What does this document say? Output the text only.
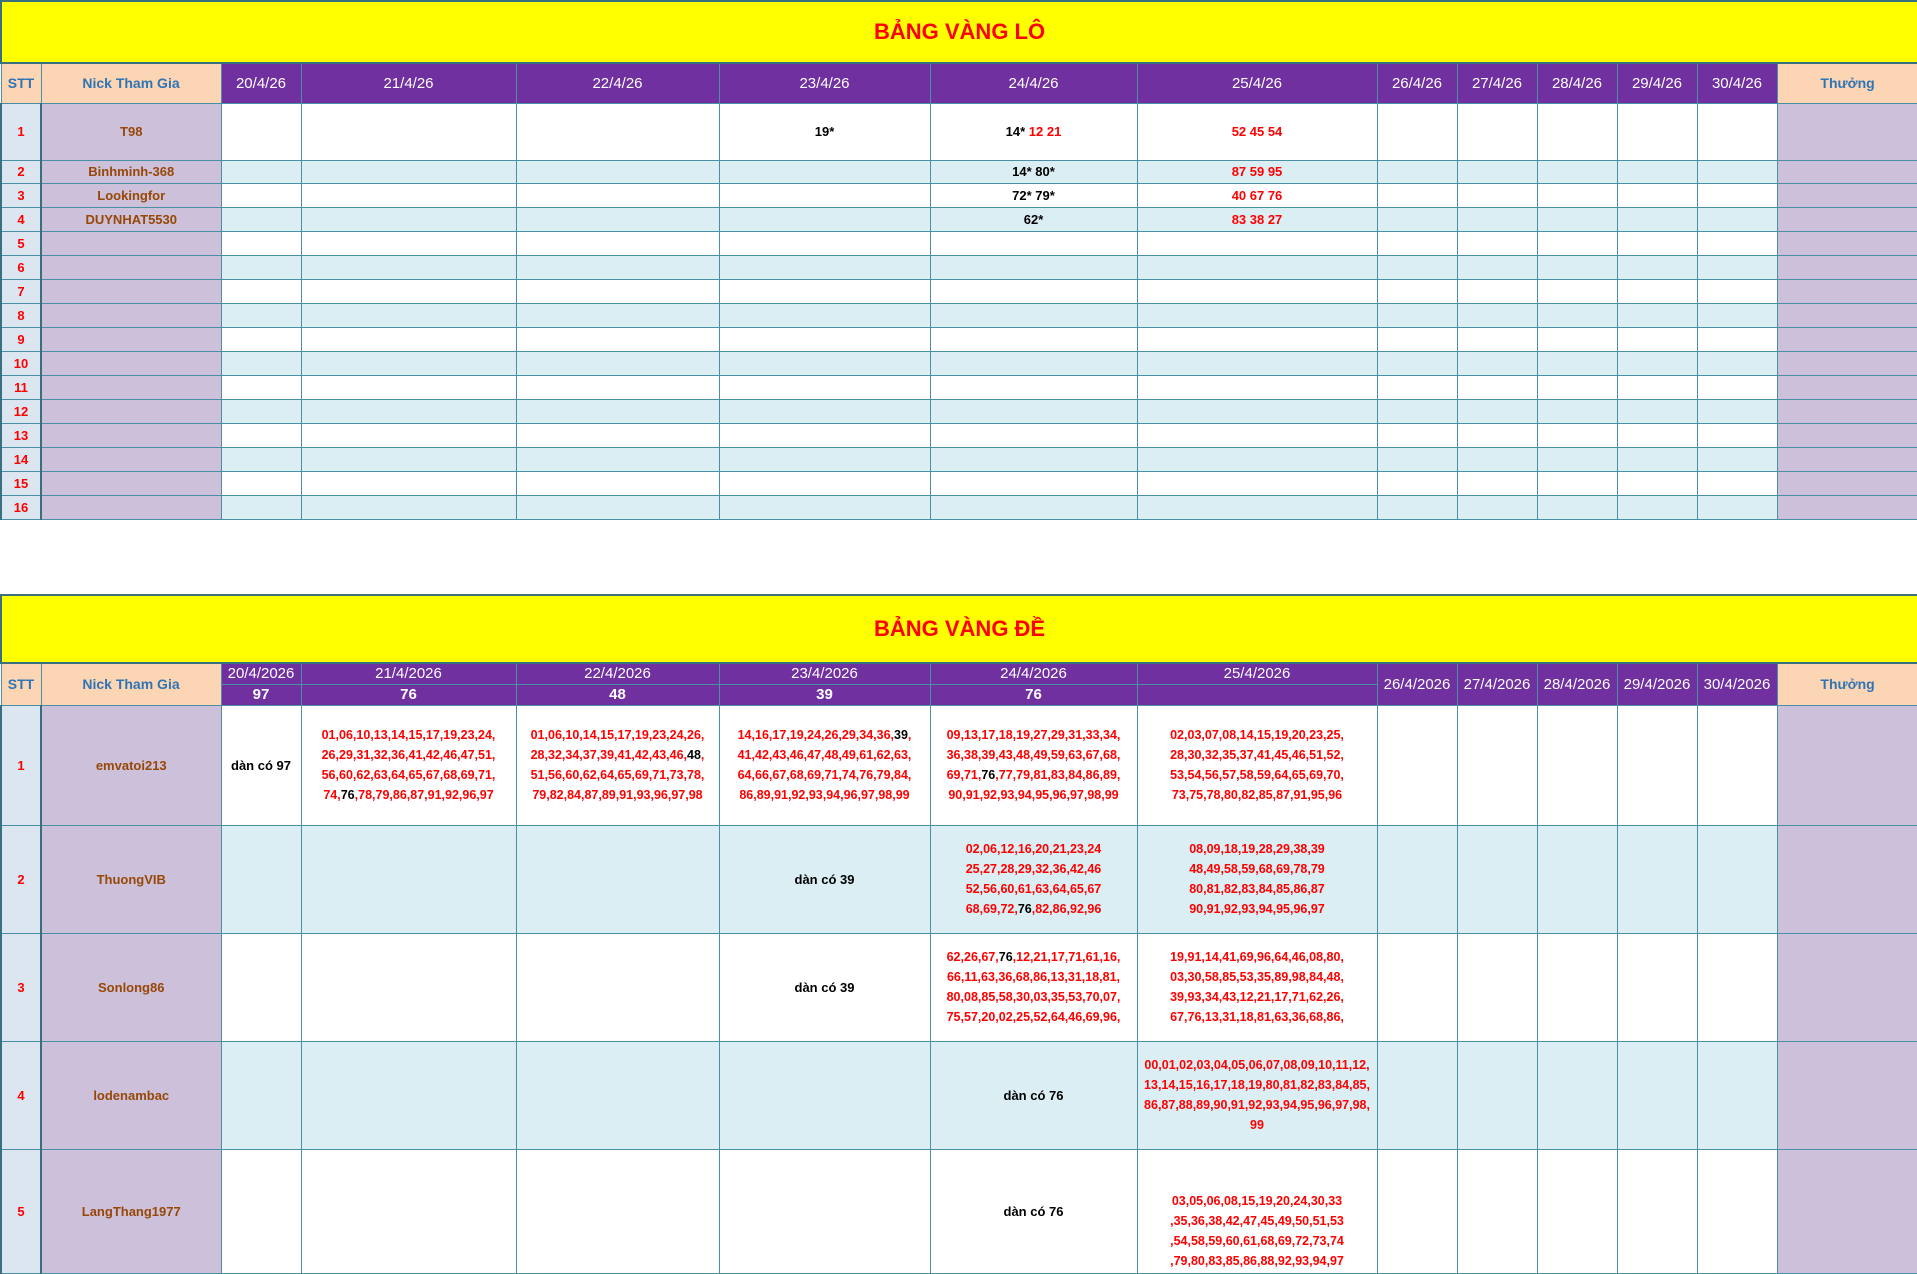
BẢNG VÀNG LÔ													
STT	Nick Tham Gia	20/4/26	21/4/26	22/4/26	23/4/26	24/4/26	25/4/26	26/4/26	27/4/26	28/4/26	29/4/26	30/4/26	Thưởng
1	T98				19*	14* 12 21	52 45 54						
2	Binhminh-368					14* 80*	87 59 95						
3	Lookingfor					72* 79*	40 67 76						
4	DUYNHAT5530					62*	83 38 27						
5													
6													
7													
8													
9													
10													
11													
12													
13													
14													
15													
16													
BẢNG VÀNG ĐỀ													
STT	Nick Tham Gia	20/4/2026	21/4/2026	22/4/2026	23/4/2026	24/4/2026	25/4/2026	26/4/2026	27/4/2026	28/4/2026	29/4/2026	30/4/2026	Thưởng
		97	76	48	39	76							
1	emvatoi213	dàn có 97	01,06,10,13,14,15,17,19,23,24, 26,29,31,32,36,41,42,46,47,51, 56,60,62,63,64,65,67,68,69,71, 74,76,78,79,86,87,91,92,96,97	01,06,10,14,15,17,19,23,24,26, 28,32,34,37,39,41,42,43,46,48, 51,56,60,62,64,65,69,71,73,78, 79,82,84,87,89,91,93,96,97,98	14,16,17,19,24,26,29,34,36,39, 41,42,43,46,47,48,49,61,62,63, 64,66,67,68,69,71,74,76,79,84, 86,89,91,92,93,94,96,97,98,99	09,13,17,18,19,27,29,31,33,34, 36,38,39,43,48,49,59,63,67,68, 69,71,76,77,79,81,83,84,86,89, 90,91,92,93,94,95,96,97,98,99	02,03,07,08,14,15,19,20,23,25, 28,30,32,35,37,41,45,46,51,52, 53,54,56,57,58,59,64,65,69,70, 73,75,78,80,82,85,87,91,95,96						
2	ThuongVIB				dàn có 39	02,06,12,16,20,21,23,24 25,27,28,29,32,36,42,46 52,56,60,61,63,64,65,67 68,69,72,76,82,86,92,96	08,09,18,19,28,29,38,39 48,49,58,59,68,69,78,79 80,81,82,83,84,85,86,87 90,91,92,93,94,95,96,97						
3	Sonlong86				dàn có 39	62,26,67,76,12,21,17,71,61,16, 66,11,63,36,68,86,13,31,18,81, 80,08,85,58,30,03,35,53,70,07, 75,57,20,02,25,52,64,46,69,96,	19,91,14,41,69,96,64,46,08,80, 03,30,58,85,53,35,89,98,84,48, 39,93,34,43,12,21,17,71,62,26, 67,76,13,31,18,81,63,36,68,86,						
4	lodenambac					dàn có 76	00,01,02,03,04,05,06,07,08,09,10,11,12, 13,14,15,16,17,18,19,80,81,82,83,84,85, 86,87,88,89,90,91,92,93,94,95,96,97,98, 99						
5	LangThang1977					dàn có 76	03,05,06,08,15,19,20,24,30,33 ,35,36,38,42,47,45,49,50,51,53 ,54,58,59,60,61,68,69,72,73,74 ,79,80,83,85,86,88,92,93,94,97						
